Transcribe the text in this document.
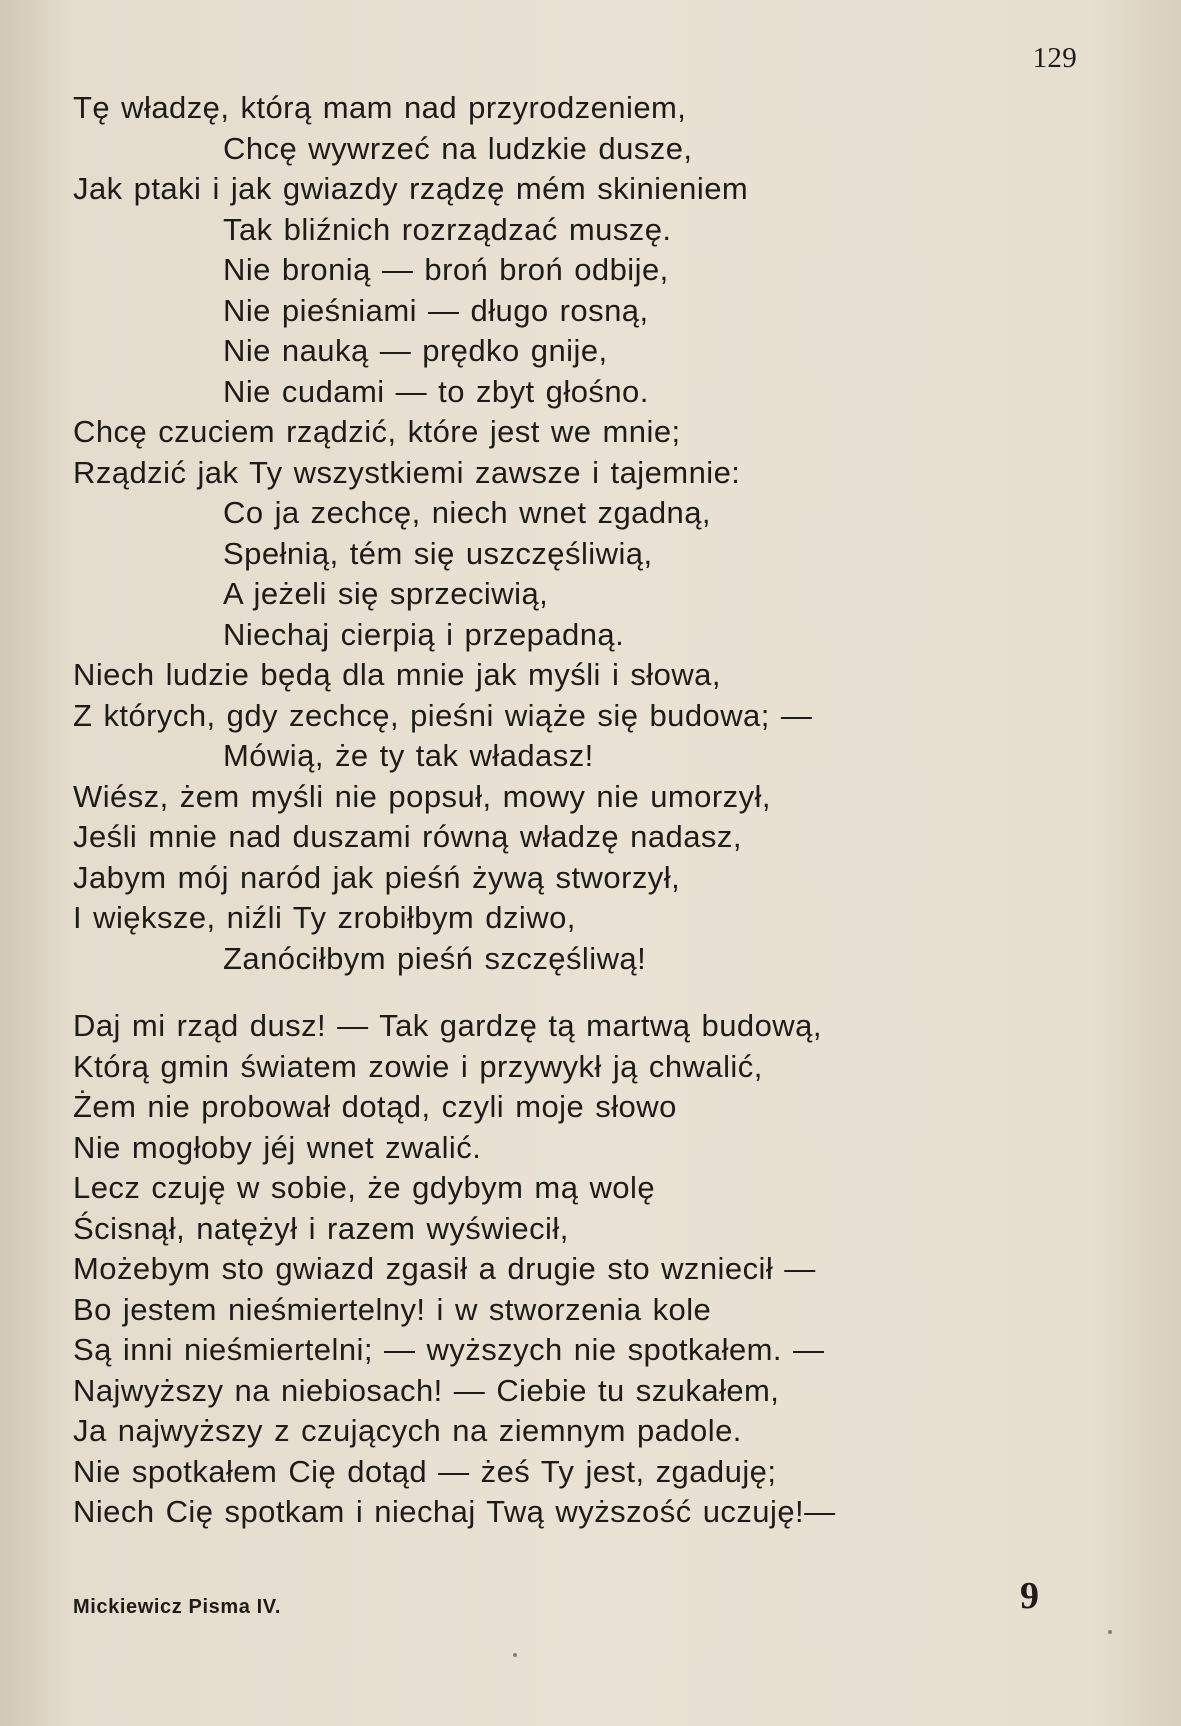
129
Tę władzę, którą mam nad przyrodzeniem,
Chcę wywrzeć na ludzkie dusze,
Jak ptaki i jak gwiazdy rządzę mém skinieniem
Tak bliźnich rozrządzać muszę.
Nie bronią — broń broń odbije,
Nie pieśniami — długo rosną,
Nie nauką — prędko gnije,
Nie cudami — to zbyt głośno.
Chcę czuciem rządzić, które jest we mnie;
Rządzić jak Ty wszystkiemi zawsze i tajemnie:
Co ja zechcę, niech wnet zgadną,
Spełnią, tém się uszczęśliwią,
A jeżeli się sprzeciwią,
Niechaj cierpią i przepadną.
Niech ludzie będą dla mnie jak myśli i słowa,
Z których, gdy zechcę, pieśni wiąże się budowa; —
Mówią, że ty tak władasz!
Wiész, żem myśli nie popsuł, mowy nie umorzył,
Jeśli mnie nad duszami równą władzę nadasz,
Jabym mój naród jak pieśń żywą stworzył,
I większe, niźli Ty zrobiłbym dziwo,
Zanóciłbym pieśń szczęśliwą!
Daj mi rząd dusz! — Tak gardzę tą martwą budową,
Którą gmin światem zowie i przywykł ją chwalić,
Żem nie probował dotąd, czyli moje słowo
Nie mogłoby jéj wnet zwalić.
Lecz czuję w sobie, że gdybym mą wolę
Ścisnął, natężył i razem wyświecił,
Możebym sto gwiazd zgasił a drugie sto wzniecił —
Bo jestem nieśmiertelny! i w stworzenia kole
Są inni nieśmiertelni; — wyższych nie spotkałem. —
Najwyższy na niebiosach! — Ciebie tu szukałem,
Ja najwyższy z czujących na ziemnym padole.
Nie spotkałem Cię dotąd — żeś Ty jest, zgaduję;
Niech Cię spotkam i niechaj Twą wyższość uczuję!—
Mickiewicz Pisma IV.	9
